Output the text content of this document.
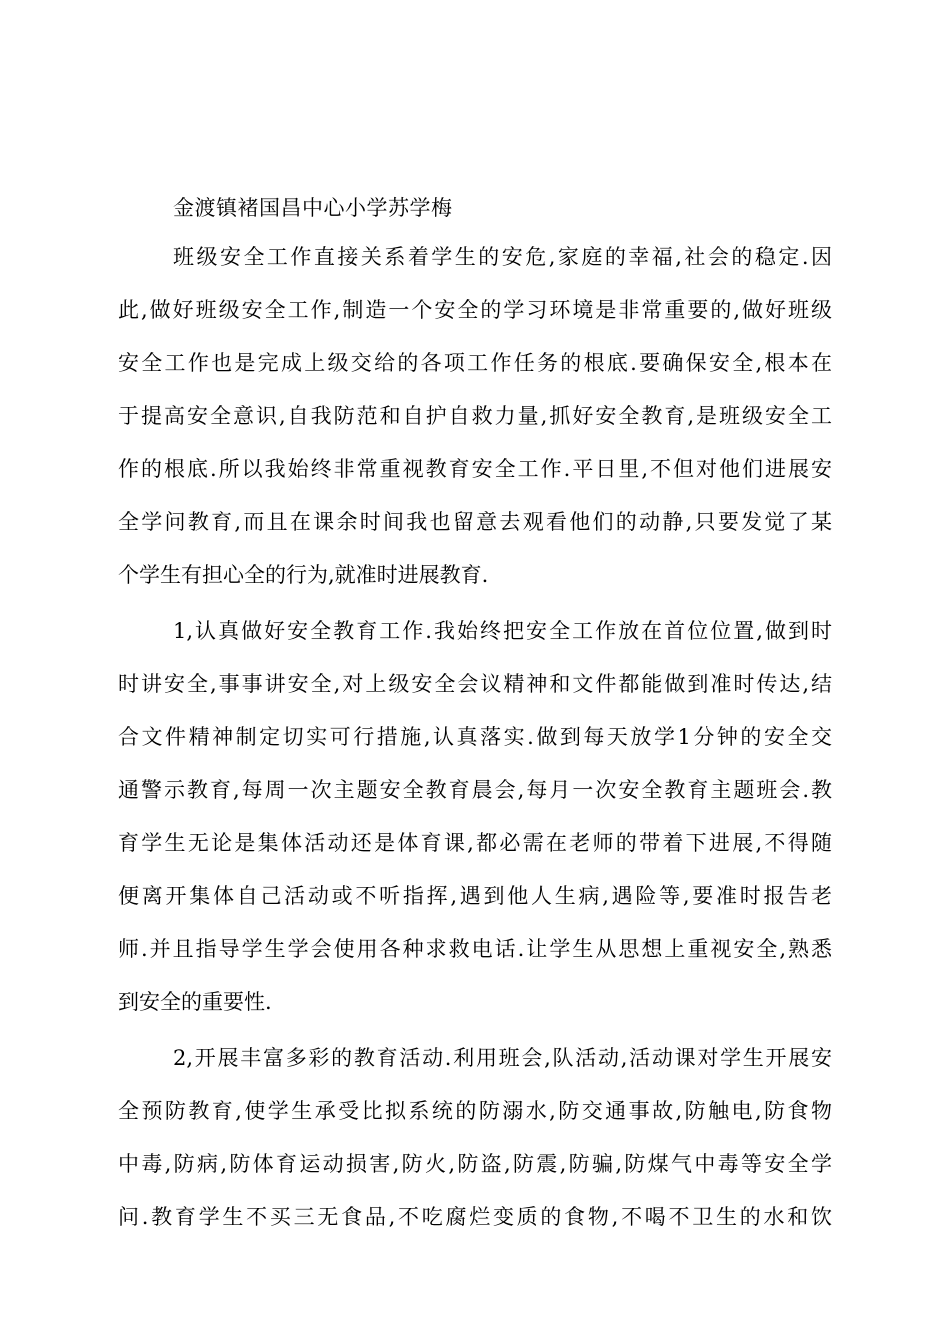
金渡镇褚国昌中心小学苏学梅
班级安全工作直接关系着学生的安危,家庭的幸福,社会的稳定.因
此,做好班级安全工作,制造一个安全的学习环境是非常重要的,做好班级
安全工作也是完成上级交给的各项工作任务的根底.要确保安全,根本在
于提高安全意识,自我防范和自护自救力量,抓好安全教育,是班级安全工
作的根底.所以我始终非常重视教育安全工作.平日里,不但对他们进展安
全学问教育,而且在课余时间我也留意去观看他们的动静,只要发觉了某
个学生有担心全的行为,就准时进展教育.
1,认真做好安全教育工作.我始终把安全工作放在首位位置,做到时
时讲安全,事事讲安全,对上级安全会议精神和文件都能做到准时传达,结
合文件精神制定切实可行措施,认真落实.做到每天放学1分钟的安全交
通警示教育,每周一次主题安全教育晨会,每月一次安全教育主题班会.教
育学生无论是集体活动还是体育课,都必需在老师的带着下进展,不得随
便离开集体自己活动或不听指挥,遇到他人生病,遇险等,要准时报告老
师.并且指导学生学会使用各种求救电话.让学生从思想上重视安全,熟悉
到安全的重要性.
2,开展丰富多彩的教育活动.利用班会,队活动,活动课对学生开展安
全预防教育,使学生承受比拟系统的防溺水,防交通事故,防触电,防食物
中毒,防病,防体育运动损害,防火,防盗,防震,防骗,防煤气中毒等安全学
问.教育学生不买三无食品,不吃腐烂变质的食物,不喝不卫生的水和饮
